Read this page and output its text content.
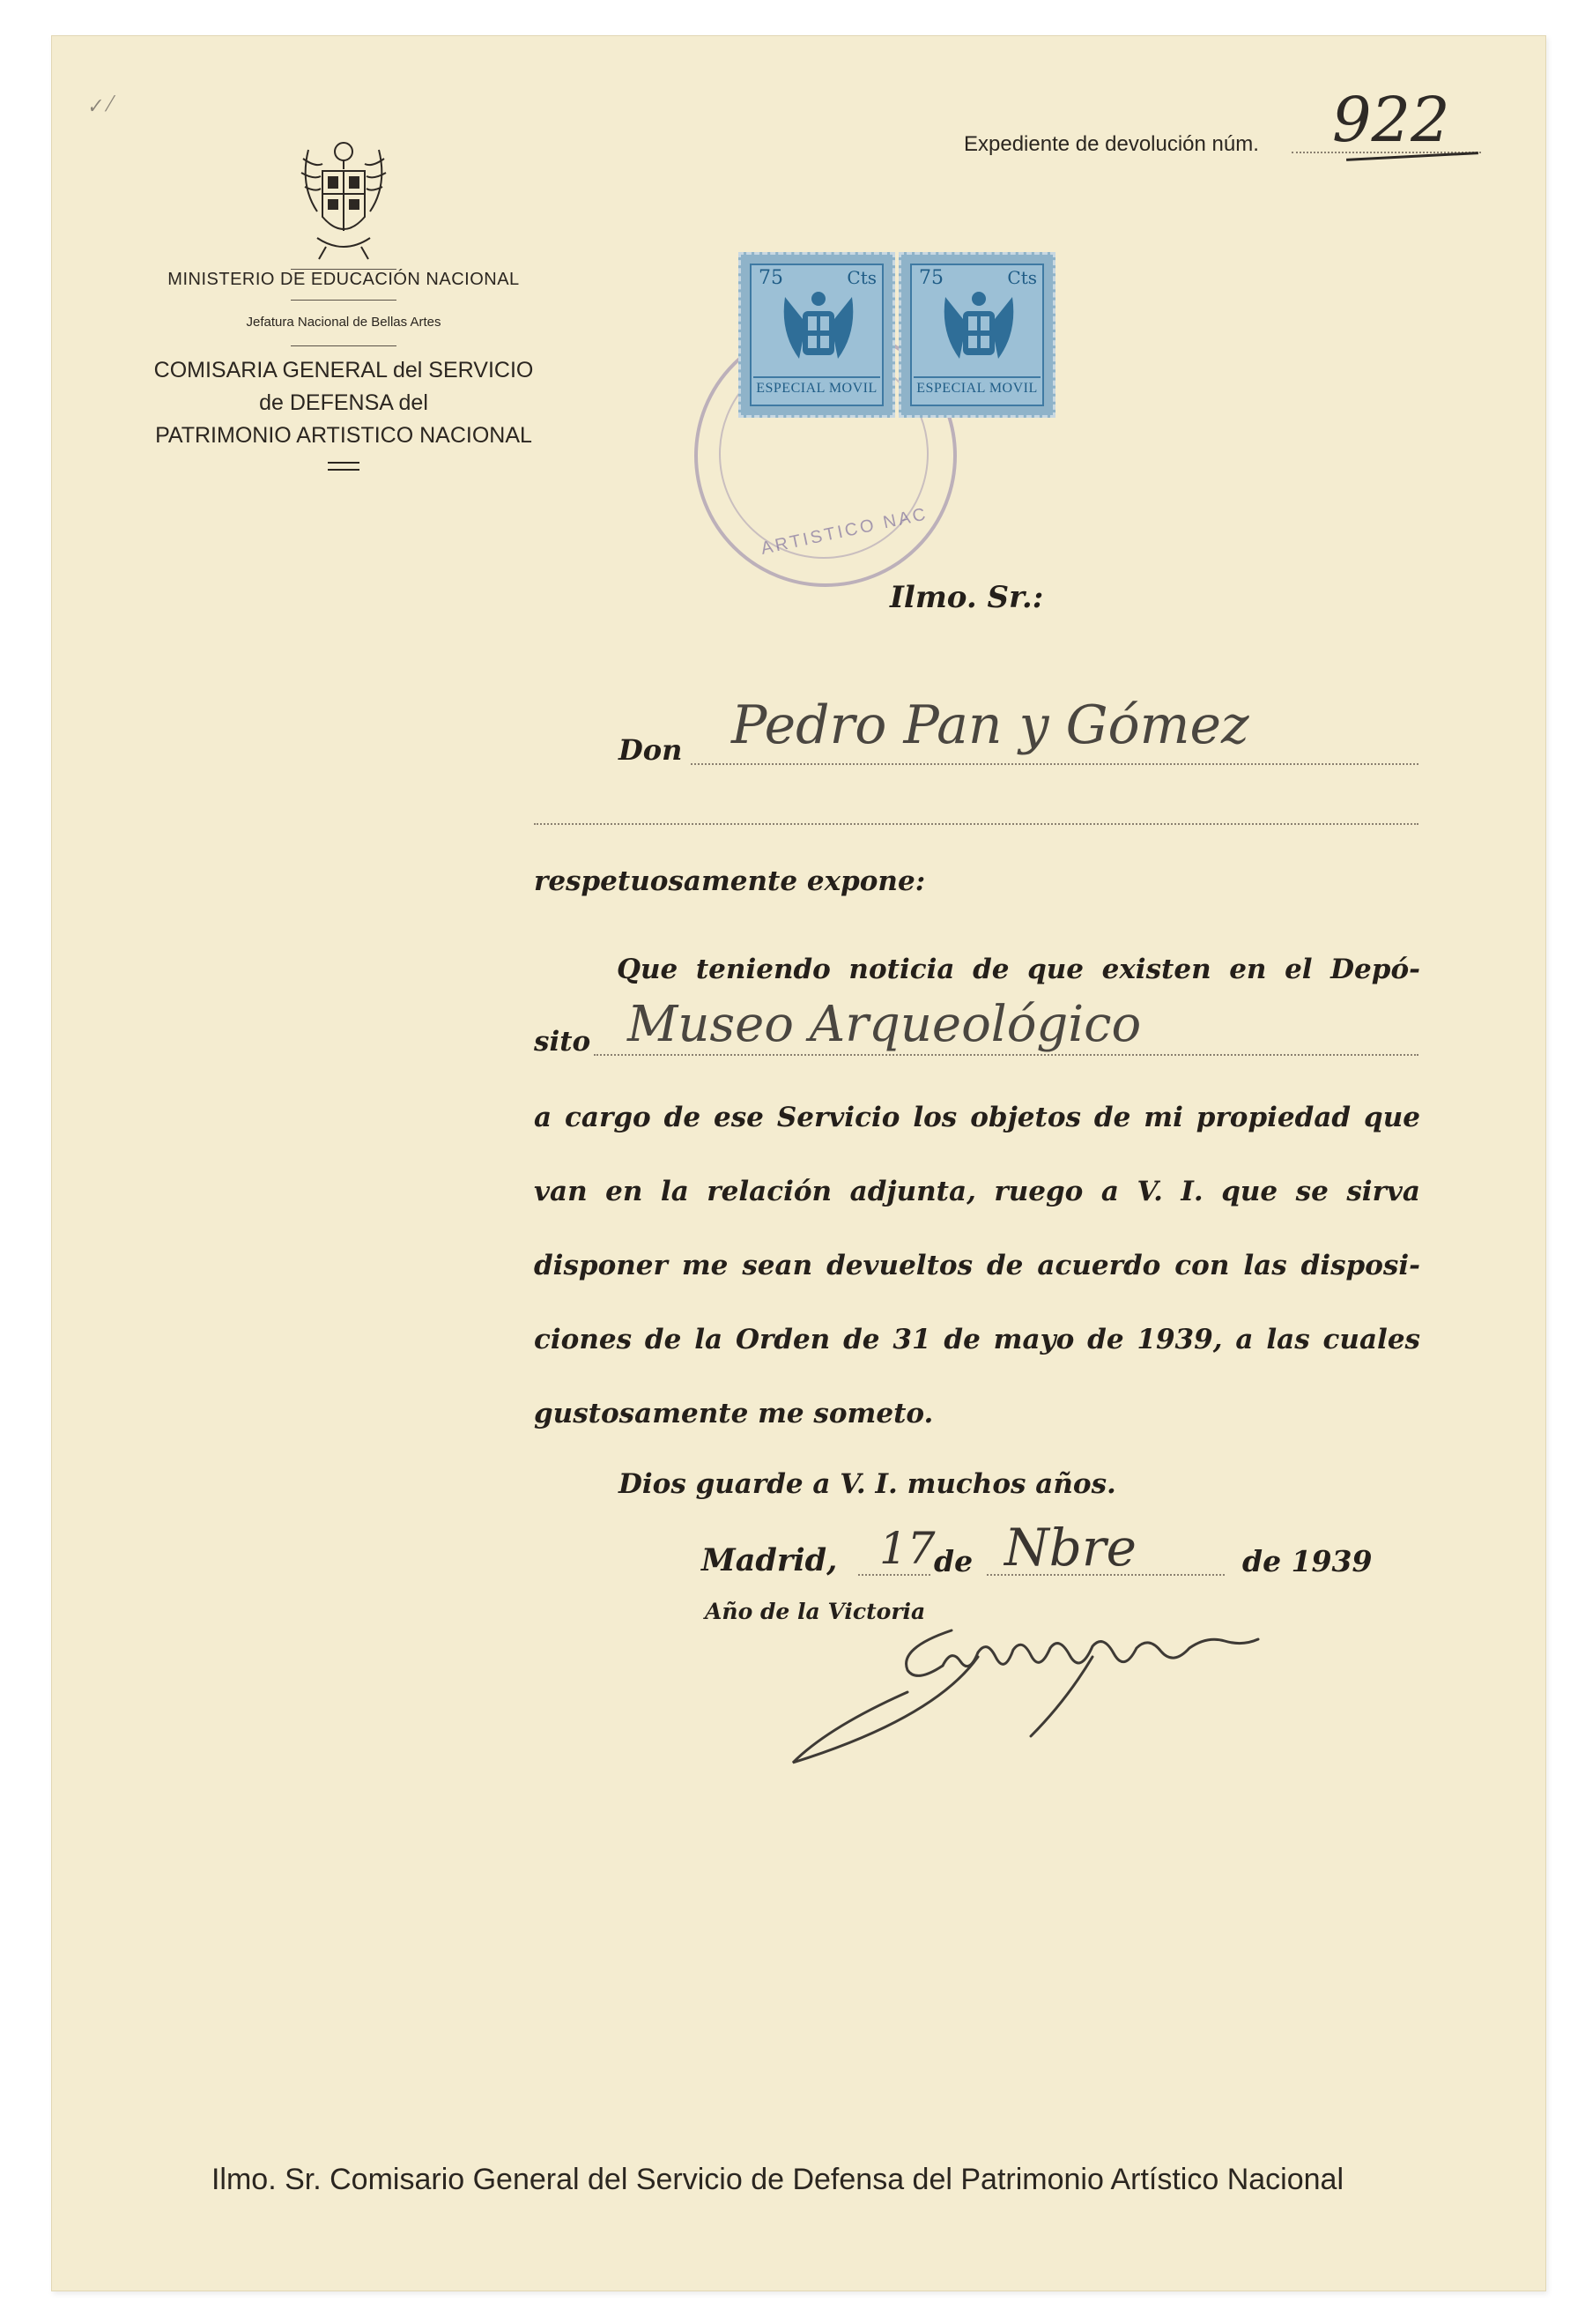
✓ ⁄
MINISTERIO DE EDUCACIÓN NACIONAL
Jefatura Nacional de Bellas Artes
COMISARIA GENERAL del SERVICIO
de DEFENSA del
PATRIMONIO ARTISTICO NACIONAL
Expediente de devolución núm. 922
ARTISTICO NAC
75	Cts
ESPECIAL MOVIL
75	Cts
ESPECIAL MOVIL
Ilmo. Sr.:
Don Pedro Pan y Gómez
respetuosamente expone:
Que teniendo noticia de que existen en el Depó-
sito Museo Arqueológico
a cargo de ese Servicio los objetos de mi propiedad que
van en la relación adjunta, ruego a V. I. que se sirva
disponer me sean devueltos de acuerdo con las disposi-
ciones de la Orden de 31 de mayo de 1939, a las cuales
gustosamente me someto.
Dios guarde a V. I. muchos años.
Madrid, 17
de Nbre	de 1939
Año de la Victoria
Ilmo. Sr. Comisario General del Servicio de Defensa del Patrimonio Artístico Nacional
